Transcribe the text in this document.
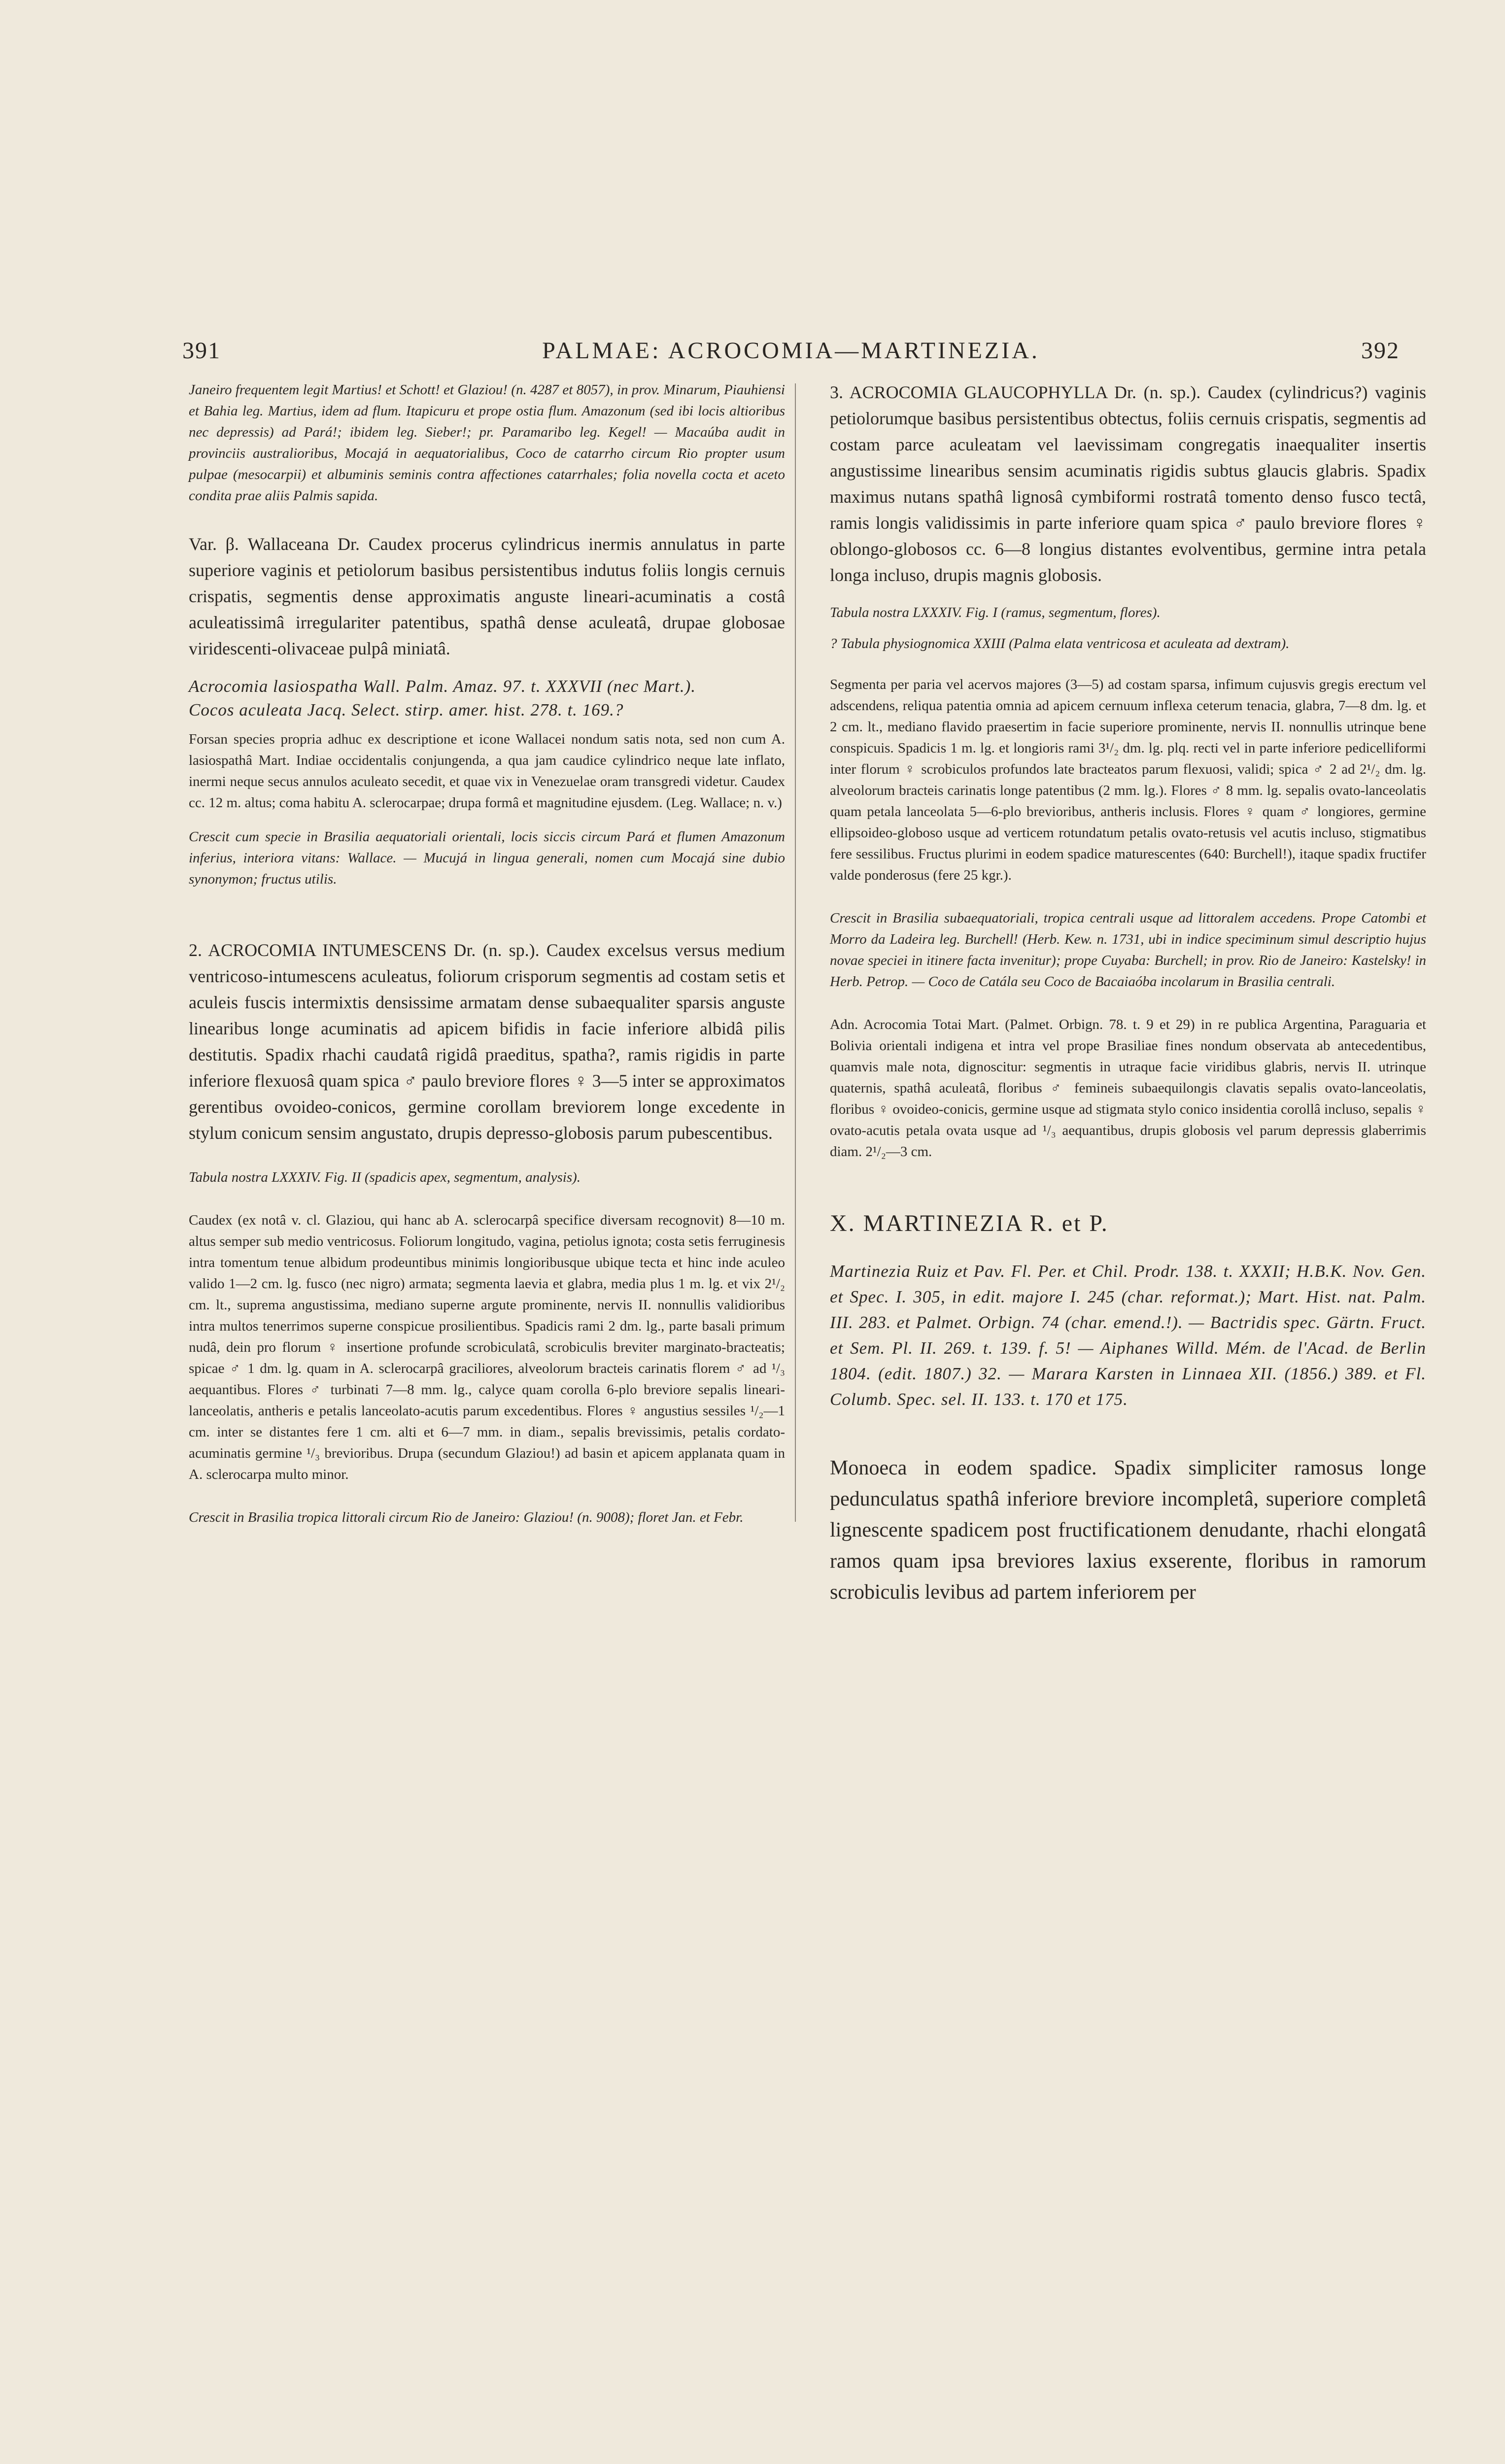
391	PALMAE: ACROCOMIA—MARTINEZIA.	392

Janeiro frequentem legit Martius! et Schott! et Glaziou! (n. 4287 et 8057), in prov. Minarum, Piauhiensi et Bahia leg. Martius, idem ad flum. Itapicuru et prope ostia flum. Amazonum (sed ibi locis altioribus nec depressis) ad Pará!; ibidem leg. Sieber!; pr. Paramaribo leg. Kegel! — Macaúba audit in provinciis australioribus, Mocajá in aequatorialibus, Coco de catarrho circum Rio propter usum pulpae (mesocarpii) et albuminis seminis contra affectiones catarrhales; folia novella cocta et aceto condita prae aliis Palmis sapida.

Var. β. Wallaceana Dr. Caudex procerus cylindricus inermis annulatus in parte superiore vaginis et petiolorum basibus persistentibus indutus foliis longis cernuis crispatis, segmentis dense approximatis anguste lineari-acuminatis a costâ aculeatissimâ irregulariter patentibus, spathâ dense aculeatâ, drupae globosae viridescenti-olivaceae pulpâ miniatâ.

Acrocomia lasiospatha Wall. Palm. Amaz. 97. t. XXXVII (nec Mart.).

Cocos aculeata Jacq. Select. stirp. amer. hist. 278. t. 169.?

Forsan species propria adhuc ex descriptione et icone Wallacei nondum satis nota, sed non cum A. lasiospathâ Mart. Indiae occidentalis conjungenda, a qua jam caudice cylindrico neque late inflato, inermi neque secus annulos aculeato secedit, et quae vix in Venezuelae oram transgredi videtur. Caudex cc. 12 m. altus; coma habitu A. sclerocarpae; drupa formâ et magnitudine ejusdem. (Leg. Wallace; n. v.)

Crescit cum specie in Brasilia aequatoriali orientali, locis siccis circum Pará et flumen Amazonum inferius, interiora vitans: Wallace. — Mucujá in lingua generali, nomen cum Mocajá sine dubio synonymon; fructus utilis.

2. ACROCOMIA INTUMESCENS Dr. (n. sp.). Caudex excelsus versus medium ventricoso-intumescens aculeatus, foliorum crisporum segmentis ad costam setis et aculeis fuscis intermixtis densissime armatam dense subaequaliter sparsis anguste linearibus longe acuminatis ad apicem bifidis in facie inferiore albidâ pilis destitutis. Spadix rhachi caudatâ rigidâ praeditus, spatha?, ramis rigidis in parte inferiore flexuosâ quam spica ♂ paulo breviore flores ♀ 3—5 inter se approximatos gerentibus ovoideo-conicos, germine corollam breviorem longe excedente in stylum conicum sensim angustato, drupis depresso-globosis parum pubescentibus.

Tabula nostra LXXXIV. Fig. II (spadicis apex, segmentum, analysis).

Caudex (ex notâ v. cl. Glaziou, qui hanc ab A. sclerocarpâ specifice diversam recognovit) 8—10 m. altus semper sub medio ventricosus. Foliorum longitudo, vagina, petiolus ignota; costa setis ferruginesis intra tomentum tenue albidum prodeuntibus minimis longioribusque ubique tecta et hinc inde aculeo valido 1—2 cm. lg. fusco (nec nigro) armata; segmenta laevia et glabra, media plus 1 m. lg. et vix 2¹/₂ cm. lt., suprema angustissima, mediano superne argute prominente, nervis II. nonnullis validioribus intra multos tenerrimos superne conspicue prosilientibus. Spadicis rami 2 dm. lg., parte basali primum nudâ, dein pro florum ♀ insertione profunde scrobiculatâ, scrobiculis breviter marginato-bracteatis; spicae ♂ 1 dm. lg. quam in A. sclerocarpâ graciliores, alveolorum bracteis carinatis florem ♂ ad ¹/₃ aequantibus. Flores ♂ turbinati 7—8 mm. lg., calyce quam corolla 6-plo breviore sepalis lineari-lanceolatis, antheris e petalis lanceolato-acutis parum excedentibus. Flores ♀ angustius sessiles ¹/₂—1 cm. inter se distantes fere 1 cm. alti et 6—7 mm. in diam., sepalis brevissimis, petalis cordato-acuminatis germine ¹/₃ brevioribus. Drupa (secundum Glaziou!) ad basin et apicem applanata quam in A. sclerocarpa multo minor.

Crescit in Brasilia tropica littorali circum Rio de Janeiro: Glaziou! (n. 9008); floret Jan. et Febr.

3. ACROCOMIA GLAUCOPHYLLA Dr. (n. sp.). Caudex (cylindricus?) vaginis petiolorumque basibus persistentibus obtectus, foliis cernuis crispatis, segmentis ad costam parce aculeatam vel laevissimam congregatis inaequaliter insertis angustissime linearibus sensim acuminatis rigidis subtus glaucis glabris. Spadix maximus nutans spathâ lignosâ cymbiformi rostratâ tomento denso fusco tectâ, ramis longis validissimis in parte inferiore quam spica ♂ paulo breviore flores ♀ oblongo-globosos cc. 6—8 longius distantes evolventibus, germine intra petala longa incluso, drupis magnis globosis.

Tabula nostra LXXXIV. Fig. I (ramus, segmentum, flores).

? Tabula physiognomica XXIII (Palma elata ventricosa et aculeata ad dextram).

Segmenta per paria vel acervos majores (3—5) ad costam sparsa, infimum cujusvis gregis erectum vel adscendens, reliqua patentia omnia ad apicem cernuum inflexa ceterum tenacia, glabra, 7—8 dm. lg. et 2 cm. lt., mediano flavido praesertim in facie superiore prominente, nervis II. nonnullis utrinque bene conspicuis. Spadicis 1 m. lg. et longioris rami 3¹/₂ dm. lg. plq. recti vel in parte inferiore pedicelliformi inter florum ♀ scrobiculos profundos late bracteatos parum flexuosi, validi; spica ♂ 2 ad 2¹/₂ dm. lg. alveolorum bracteis carinatis longe patentibus (2 mm. lg.). Flores ♂ 8 mm. lg. sepalis ovato-lanceolatis quam petala lanceolata 5—6-plo brevioribus, antheris inclusis. Flores ♀ quam ♂ longiores, germine ellipsoideo-globoso usque ad verticem rotundatum petalis ovato-retusis vel acutis incluso, stigmatibus fere sessilibus. Fructus plurimi in eodem spadice maturescentes (640: Burchell!), itaque spadix fructifer valde ponderosus (fere 25 kgr.).

Crescit in Brasilia subaequatoriali, tropica centrali usque ad littoralem accedens. Prope Catombi et Morro da Ladeira leg. Burchell! (Herb. Kew. n. 1731, ubi in indice speciminum simul descriptio hujus novae speciei in itinere facta invenitur); prope Cuyaba: Burchell; in prov. Rio de Janeiro: Kastelsky! in Herb. Petrop. — Coco de Catála seu Coco de Bacaiaóba incolarum in Brasilia centrali.

Adn. Acrocomia Totai Mart. (Palmet. Orbign. 78. t. 9 et 29) in re publica Argentina, Paraguaria et Bolivia orientali indigena et intra vel prope Brasiliae fines nondum observata ab antecedentibus, quamvis male nota, dignoscitur: segmentis in utraque facie viridibus glabris, nervis II. utrinque quaternis, spathâ aculeatâ, floribus ♂ femineis subaequilongis clavatis sepalis ovato-lanceolatis, floribus ♀ ovoideo-conicis, germine usque ad stigmata stylo conico insidentia corollâ incluso, sepalis ♀ ovato-acutis petala ovata usque ad ¹/₃ aequantibus, drupis globosis vel parum depressis glaberrimis diam. 2¹/₂—3 cm.

X. MARTINEZIA R. et P.

Martinezia Ruiz et Pav. Fl. Per. et Chil. Prodr. 138. t. XXXII; H.B.K. Nov. Gen. et Spec. I. 305, in edit. majore I. 245 (char. reformat.); Mart. Hist. nat. Palm. III. 283. et Palmet. Orbign. 74 (char. emend.!). — Bactridis spec. Gärtn. Fruct. et Sem. Pl. II. 269. t. 139. f. 5! — Aiphanes Willd. Mém. de l'Acad. de Berlin 1804. (edit. 1807.) 32. — Marara Karsten in Linnaea XII. (1856.) 389. et Fl. Columb. Spec. sel. II. 133. t. 170 et 175.

Monoeca in eodem spadice. Spadix simpliciter ramosus longe pedunculatus spathâ inferiore breviore incompletâ, superiore completâ lignescente spadicem post fructificationem denudante, rhachi elongatâ ramos quam ipsa breviores laxius exserente, floribus in ramorum scrobiculis levibus ad partem inferiorem per
